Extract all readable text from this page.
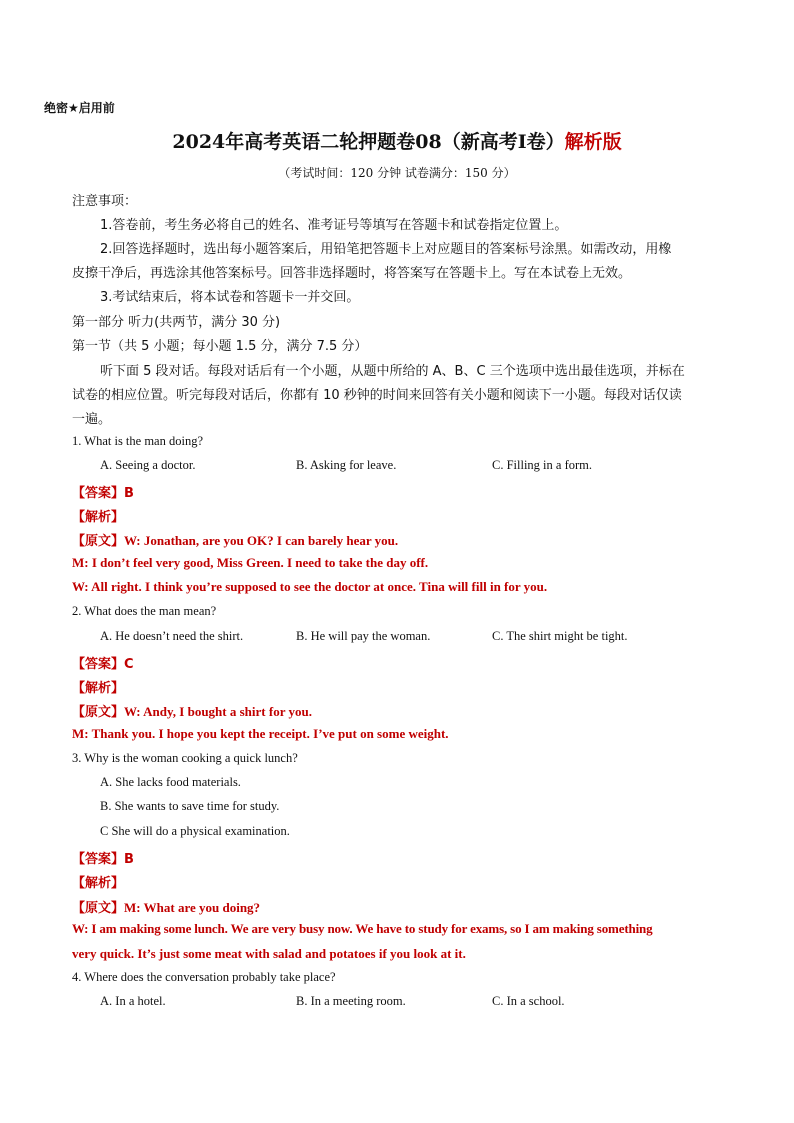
绝密★启用前
2024年高考英语二轮押题卷08（新高考I卷）解析版
（考试时间：120 分钟 试卷满分：150 分）
注意事项：
1.答卷前，考生务必将自己的姓名、准考证号等填写在答题卡和试卷指定位置上。
2.回答选择题时，选出每小题答案后，用铅笔把答题卡上对应题目的答案标号涂黑。如需改动，用橡
皮擦干净后，再选涂其他答案标号。回答非选择题时，将答案写在答题卡上。写在本试卷上无效。
3.考试结束后，将本试卷和答题卡一并交回。
第一部分 听力(共两节，满分 30 分)
第一节（共 5 小题；每小题 1.5 分，满分 7.5 分）
听下面 5 段对话。每段对话后有一个小题，从题中所给的 A、B、C 三个选项中选出最佳选项，并标在
试卷的相应位置。听完每段对话后，你都有 10 秒钟的时间来回答有关小题和阅读下一小题。每段对话仅读
一遍。
1. What is the man doing?
A. Seeing a doctor.	B. Asking for leave.	C. Filling in a form.
【答案】B
【解析】
【原文】W: Jonathan, are you OK? I can barely hear you.
M: I don’t feel very good, Miss Green. I need to take the day off.
W: All right. I think you’re supposed to see the doctor at once. Tina will fill in for you.
2. What does the man mean?
A. He doesn’t need the shirt.	B. He will pay the woman.	C. The shirt might be tight.
【答案】C
【解析】
【原文】W: Andy, I bought a shirt for you.
M: Thank you. I hope you kept the receipt. I’ve put on some weight.
3. Why is the woman cooking a quick lunch?
A. She lacks food materials.
B. She wants to save time for study.
C She will do a physical examination.
【答案】B
【解析】
【原文】M: What are you doing?
W: I am making some lunch. We are very busy now. We have to study for exams, so I am making something
very quick. It’s just some meat with salad and potatoes if you look at it.
4. Where does the conversation probably take place?
A. In a hotel.	B. In a meeting room.	C. In a school.
